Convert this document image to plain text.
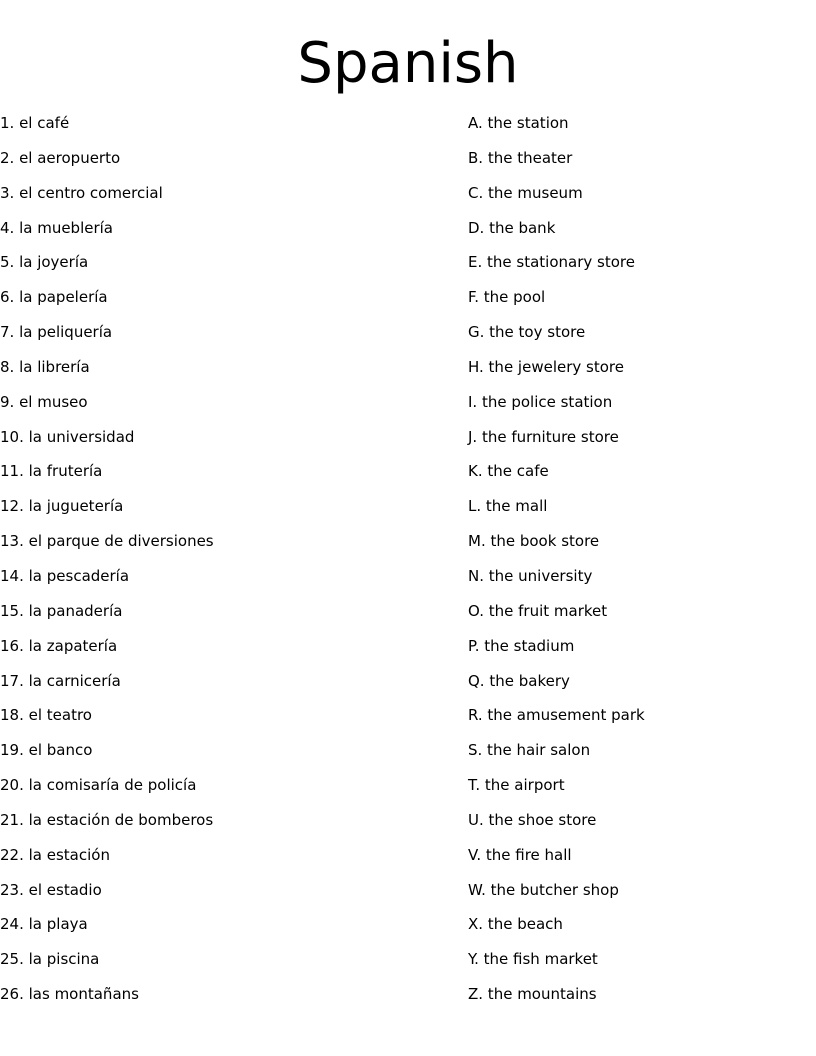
Spanish
1. el café
2. el aeropuerto
3. el centro comercial
4. la mueblería
5. la joyería
6. la papelería
7. la peliquería
8. la librería
9. el museo
10. la universidad
11. la frutería
12. la juguetería
13. el parque de diversiones
14. la pescadería
15. la panadería
16. la zapatería
17. la carnicería
18. el teatro
19. el banco
20. la comisaría de policía
21. la estación de bomberos
22. la estación
23. el estadio
24. la playa
25. la piscina
26. las montañans
A. the station
B. the theater
C. the museum
D. the bank
E. the stationary store
F. the pool
G. the toy store
H. the jewelery store
I. the police station
J. the furniture store
K. the cafe
L. the mall
M. the book store
N. the university
O. the fruit market
P. the stadium
Q. the bakery
R. the amusement park
S. the hair salon
T. the airport
U. the shoe store
V. the fire hall
W. the butcher shop
X. the beach
Y. the fish market
Z. the mountains
